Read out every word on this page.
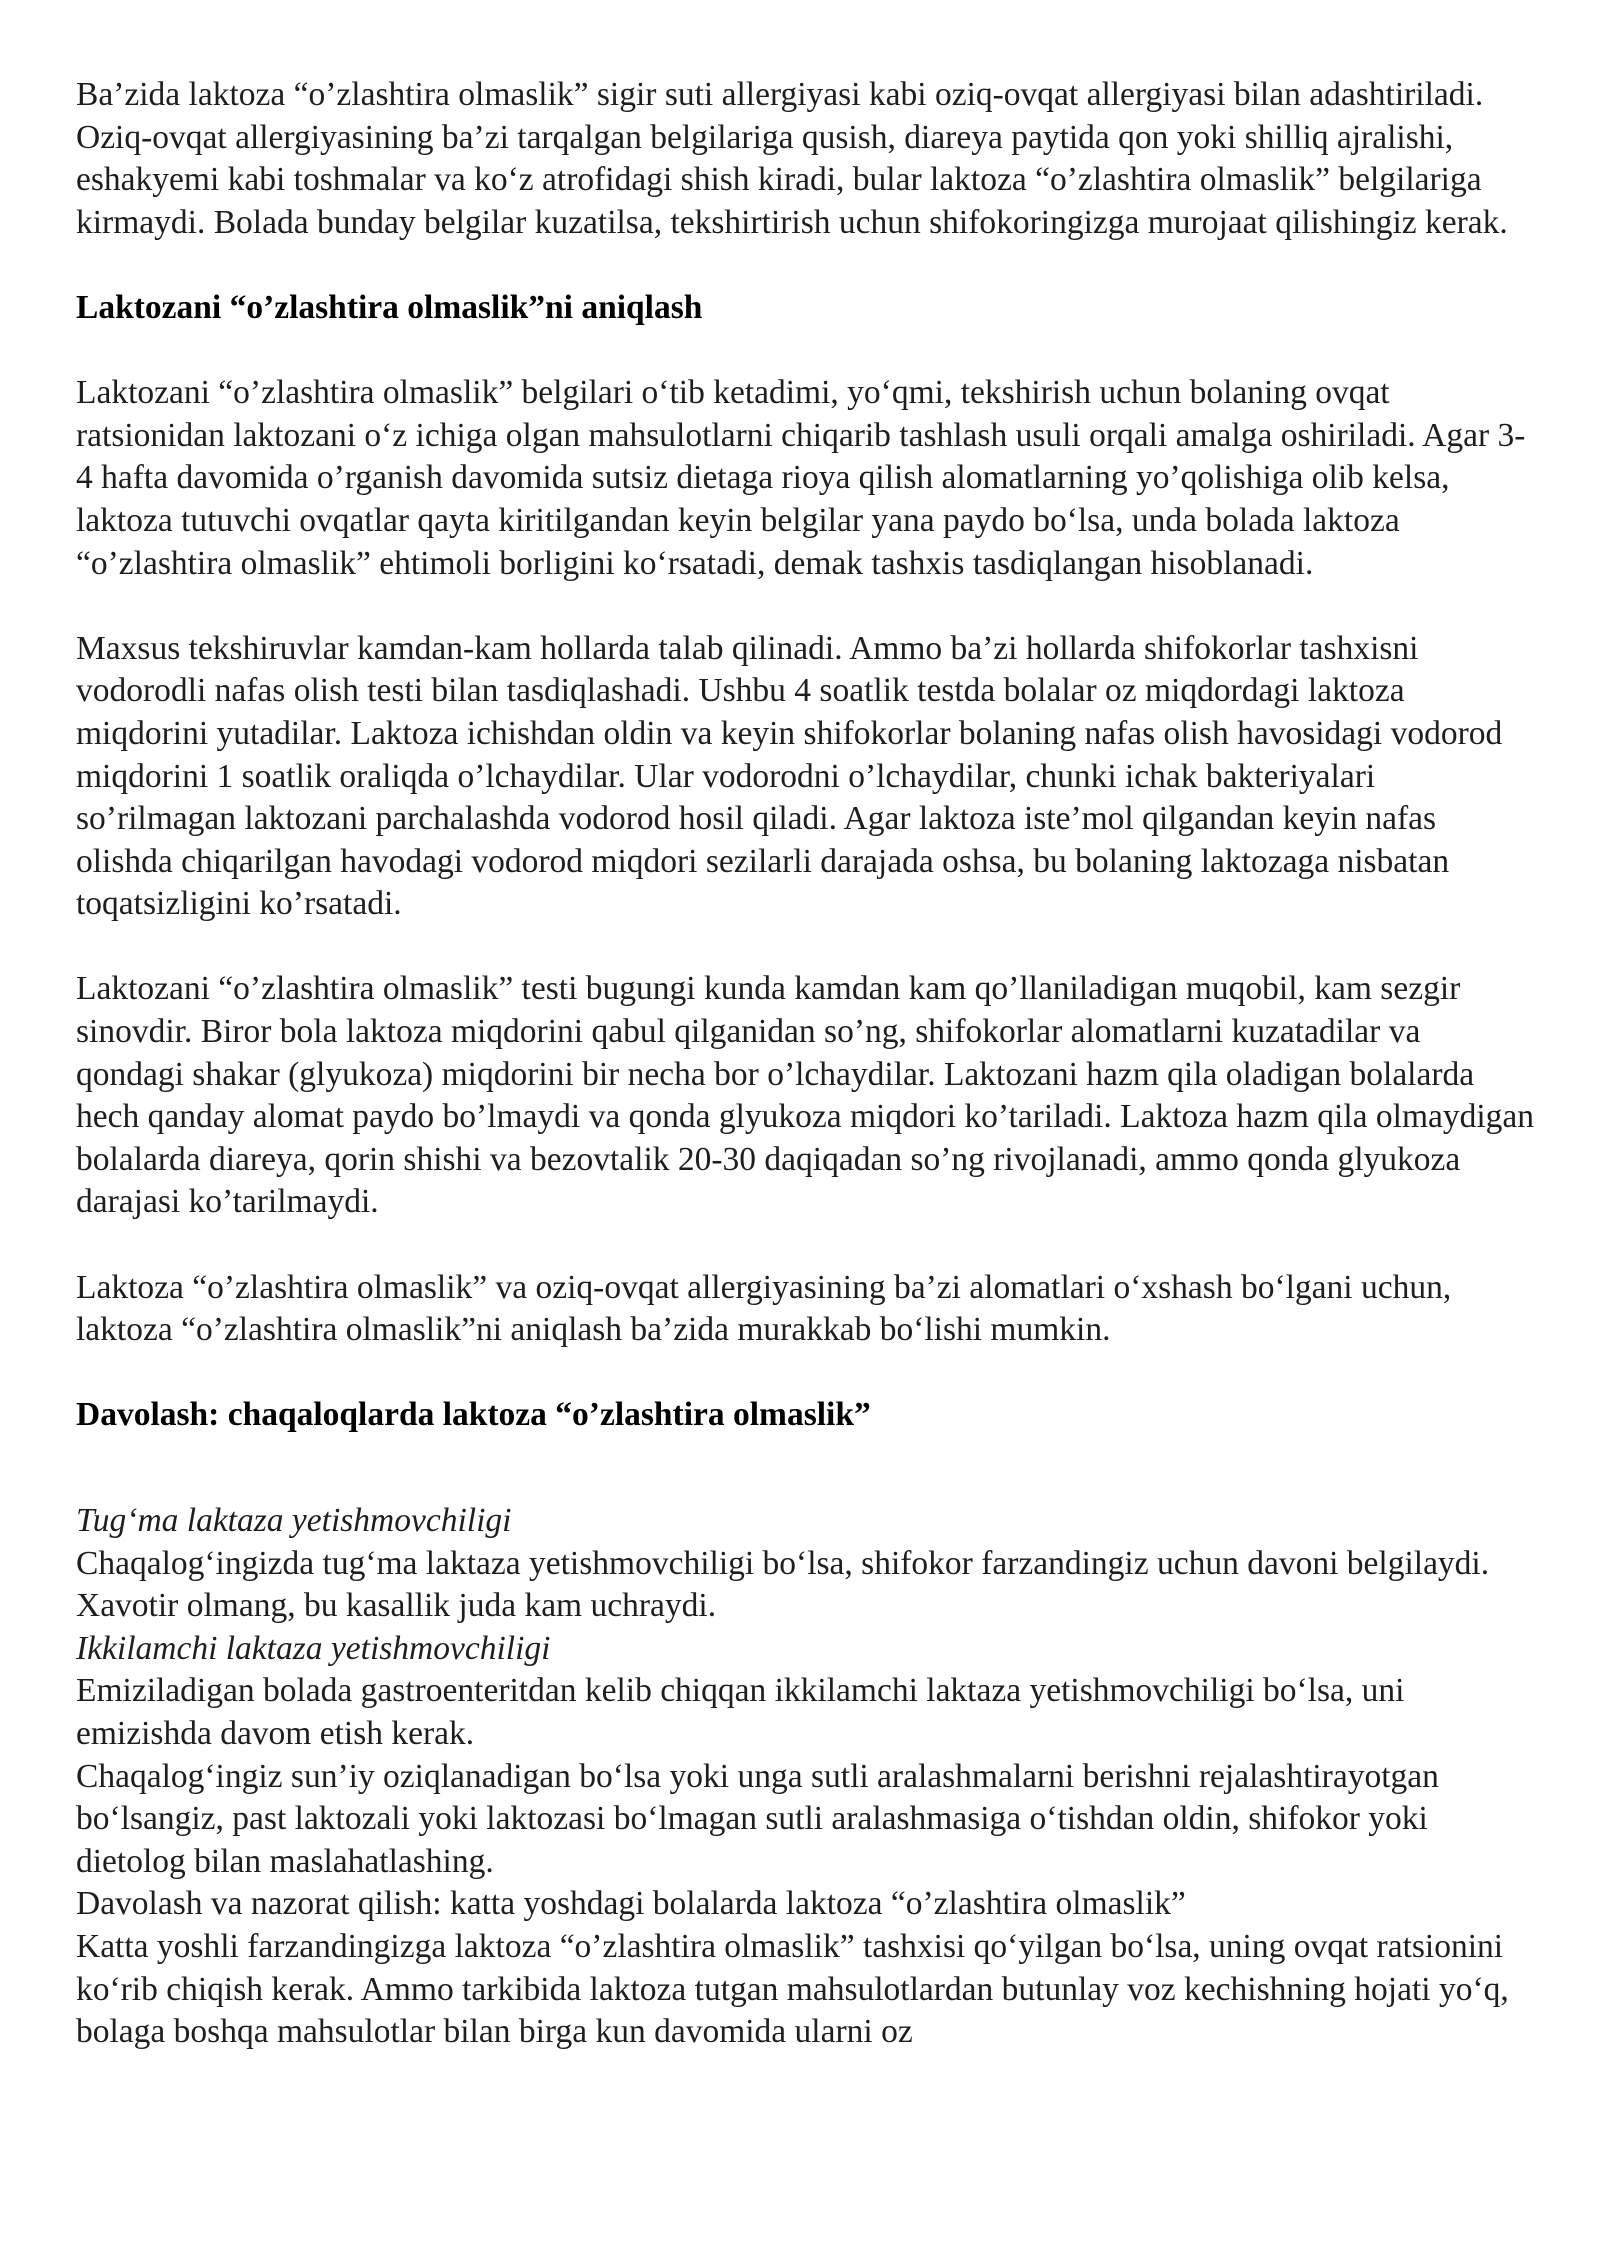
Ba’zida laktoza “o’zlashtira olmaslik” sigir suti allergiyasi kabi oziq-ovqat allergiyasi bilan adashtiriladi. Oziq-ovqat allergiyasining ba’zi tarqalgan belgilariga qusish, diareya paytida qon yoki shilliq ajralishi, eshakyemi kabi toshmalar va ko‘z atrofidagi shish kiradi, bular laktoza “o’zlashtira olmaslik” belgilariga kirmaydi. Bolada bunday belgilar kuzatilsa, tekshirtirish uchun shifokoringizga murojaat qilishingiz kerak.

Laktozani “o’zlashtira olmaslik”ni aniqlash

Laktozani “o’zlashtira olmaslik” belgilari o‘tib ketadimi, yo‘qmi, tekshirish uchun bolaning ovqat ratsionidan laktozani o‘z ichiga olgan mahsulotlarni chiqarib tashlash usuli orqali amalga oshiriladi. Agar 3-4 hafta davomida o’rganish davomida sutsiz dietaga rioya qilish alomatlarning yo’qolishiga olib kelsa, laktoza tutuvchi ovqatlar qayta kiritilgandan keyin belgilar yana paydo bo‘lsa, unda bolada laktoza “o’zlashtira olmaslik” ehtimoli borligini ko‘rsatadi, demak tashxis tasdiqlangan hisoblanadi.

Maxsus tekshiruvlar kamdan-kam hollarda talab qilinadi. Ammo ba’zi hollarda shifokorlar tashxisni vodorodli nafas olish testi bilan tasdiqlashadi. Ushbu 4 soatlik testda bolalar oz miqdordagi laktoza miqdorini yutadilar. Laktoza ichishdan oldin va keyin shifokorlar bolaning nafas olish havosidagi vodorod miqdorini 1 soatlik oraliqda o’lchaydilar. Ular vodorodni o’lchaydilar, chunki ichak bakteriyalari so’rilmagan laktozani parchalashda vodorod hosil qiladi. Agar laktoza iste’mol qilgandan keyin nafas olishda chiqarilgan havodagi vodorod miqdori sezilarli darajada oshsa, bu bolaning laktozaga nisbatan toqatsizligini ko’rsatadi.

Laktozani “o’zlashtira olmaslik” testi bugungi kunda kamdan kam qo’llaniladigan muqobil, kam sezgir sinovdir. Biror bola laktoza miqdorini qabul qilganidan so’ng, shifokorlar alomatlarni kuzatadilar va qondagi shakar (glyukoza) miqdorini bir necha bor o’lchaydilar. Laktozani hazm qila oladigan bolalarda hech qanday alomat paydo bo’lmaydi va qonda glyukoza miqdori ko’tariladi. Laktoza hazm qila olmaydigan bolalarda diareya, qorin shishi va bezovtalik 20-30 daqiqadan so’ng rivojlanadi, ammo qonda glyukoza darajasi ko’tarilmaydi.

Laktoza “o’zlashtira olmaslik” va oziq-ovqat allergiyasining ba’zi alomatlari o‘xshash bo‘lgani uchun, laktoza “o’zlashtira olmaslik”ni aniqlash ba’zida murakkab bo‘lishi mumkin.

Davolash: chaqaloqlarda laktoza “o’zlashtira olmaslik”

Tug‘ma laktaza yetishmovchiligi

Chaqalog‘ingizda tug‘ma laktaza yetishmovchiligi bo‘lsa, shifokor farzandingiz uchun davoni belgilaydi. Xavotir olmang, bu kasallik juda kam uchraydi.

Ikkilamchi laktaza yetishmovchiligi

Emiziladigan bolada gastroenteritdan kelib chiqqan ikkilamchi laktaza yetishmovchiligi bo‘lsa, uni emizishda davom etish kerak.

Chaqalog‘ingiz sun’iy oziqlanadigan bo‘lsa yoki unga sutli aralashmalarni berishni rejalashtirayotgan bo‘lsangiz, past laktozali yoki laktozasi bo‘lmagan sutli aralashmasiga o‘tishdan oldin, shifokor yoki dietolog bilan maslahatlashing.

Davolash va nazorat qilish: katta yoshdagi bolalarda laktoza “o’zlashtira olmaslik”

Katta yoshli farzandingizga laktoza “o’zlashtira olmaslik” tashxisi qo‘yilgan bo‘lsa, uning ovqat ratsionini ko‘rib chiqish kerak. Ammo tarkibida laktoza tutgan mahsulotlardan butunlay voz kechishning hojati yo‘q, bolaga boshqa mahsulotlar bilan birga kun davomida ularni oz
